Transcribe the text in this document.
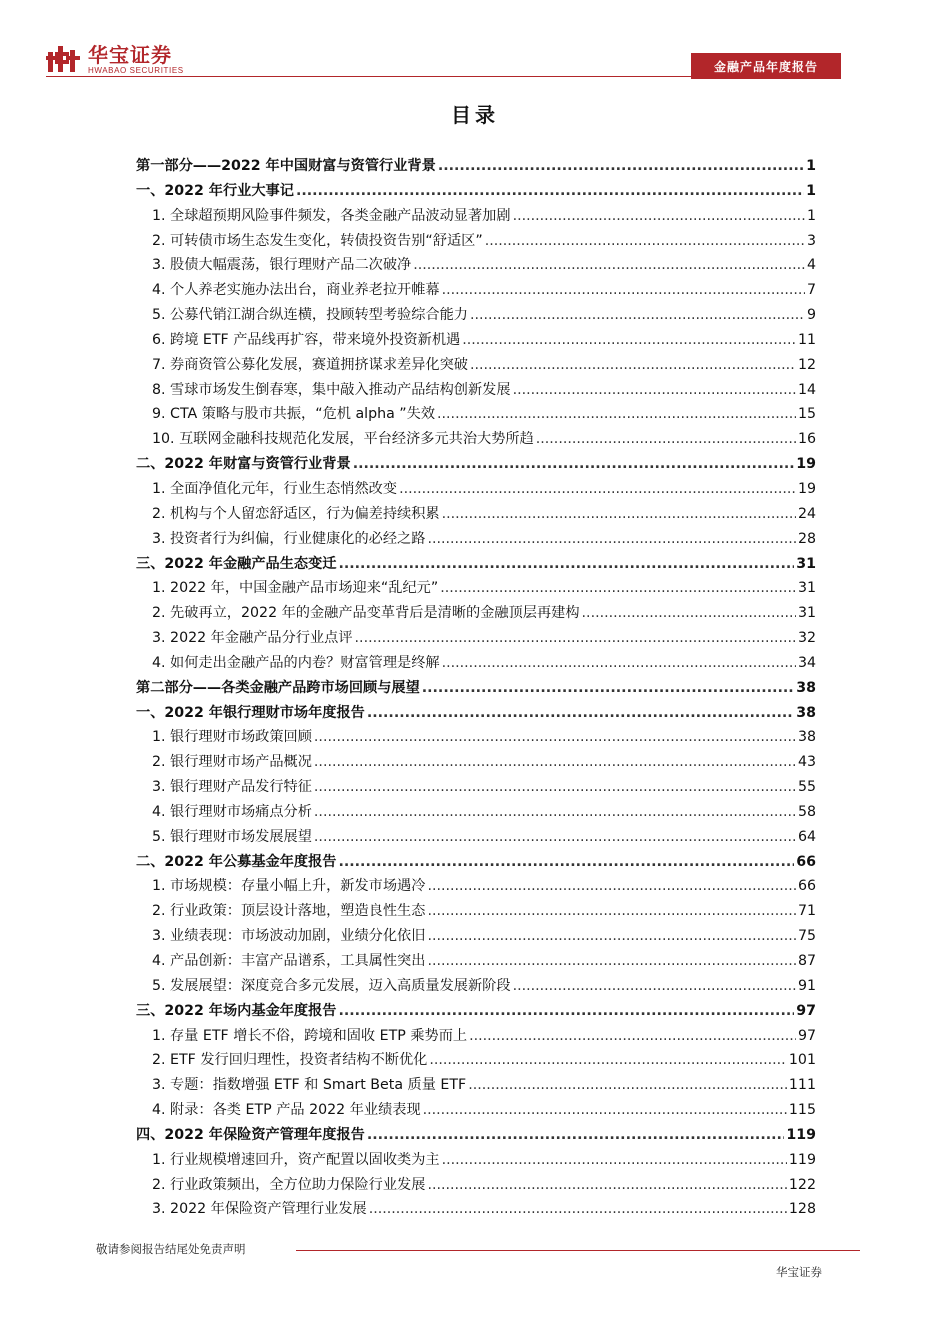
华宝证券
HWABAO SECURITIES	金融产品年度报告
目录
第一部分——2022 年中国财富与资管行业背景 .....	1
一、2022 年行业大事记 .....	1
1. 全球超预期风险事件频发，各类金融产品波动显著加剧 .....	1
2. 可转债市场生态发生变化，转债投资告别“舒适区” .....	3
3. 股债大幅震荡，银行理财产品二次破净 .....	4
4. 个人养老实施办法出台，商业养老拉开帷幕 .....	7
5. 公募代销江湖合纵连横，投顾转型考验综合能力 .....	9
6. 跨境 ETF 产品线再扩容，带来境外投资新机遇 .....	11
7. 券商资管公募化发展，赛道拥挤谋求差异化突破 .....	12
8. 雪球市场发生倒春寒，集中敲入推动产品结构创新发展 .....	14
9. CTA 策略与股市共振，“危机 alpha ”失效 .....	15
10. 互联网金融科技规范化发展，平台经济多元共治大势所趋 .....	16
二、2022 年财富与资管行业背景 .....	19
1. 全面净值化元年，行业生态悄然改变 .....	19
2. 机构与个人留恋舒适区，行为偏差持续积累 .....	24
3. 投资者行为纠偏，行业健康化的必经之路 .....	28
三、2022 年金融产品生态变迁 .....	31
1. 2022 年，中国金融产品市场迎来“乱纪元” .....	31
2. 先破再立，2022 年的金融产品变革背后是清晰的金融顶层再建构 .....	31
3. 2022 年金融产品分行业点评 .....	32
4. 如何走出金融产品的内卷？财富管理是终解 .....	34
第二部分——各类金融产品跨市场回顾与展望 .....	38
一、2022 年银行理财市场年度报告 .....	38
1. 银行理财市场政策回顾 .....	38
2. 银行理财市场产品概况 .....	43
3. 银行理财产品发行特征 .....	55
4. 银行理财市场痛点分析 .....	58
5. 银行理财市场发展展望 .....	64
二、2022 年公募基金年度报告 .....	66
1. 市场规模：存量小幅上升，新发市场遇冷 .....	66
2. 行业政策：顶层设计落地，塑造良性生态 .....	71
3. 业绩表现：市场波动加剧，业绩分化依旧 .....	75
4. 产品创新：丰富产品谱系，工具属性突出 .....	87
5. 发展展望：深度竞合多元发展，迈入高质量发展新阶段 .....	91
三、2022 年场内基金年度报告 .....	97
1. 存量 ETF 增长不俗，跨境和固收 ETP 乘势而上 .....	97
2. ETF 发行回归理性，投资者结构不断优化 .....	101
3. 专题：指数增强 ETF 和 Smart Beta 质量 ETF .....	111
4. 附录：各类 ETP 产品 2022 年业绩表现 .....	115
四、2022 年保险资产管理年度报告 .....	119
1. 行业规模增速回升，资产配置以固收类为主 .....	119
2. 行业政策频出，全方位助力保险行业发展 .....	122
3. 2022 年保险资产管理行业发展 .....	128
敬请参阅报告结尾处免责声明
华宝证券
